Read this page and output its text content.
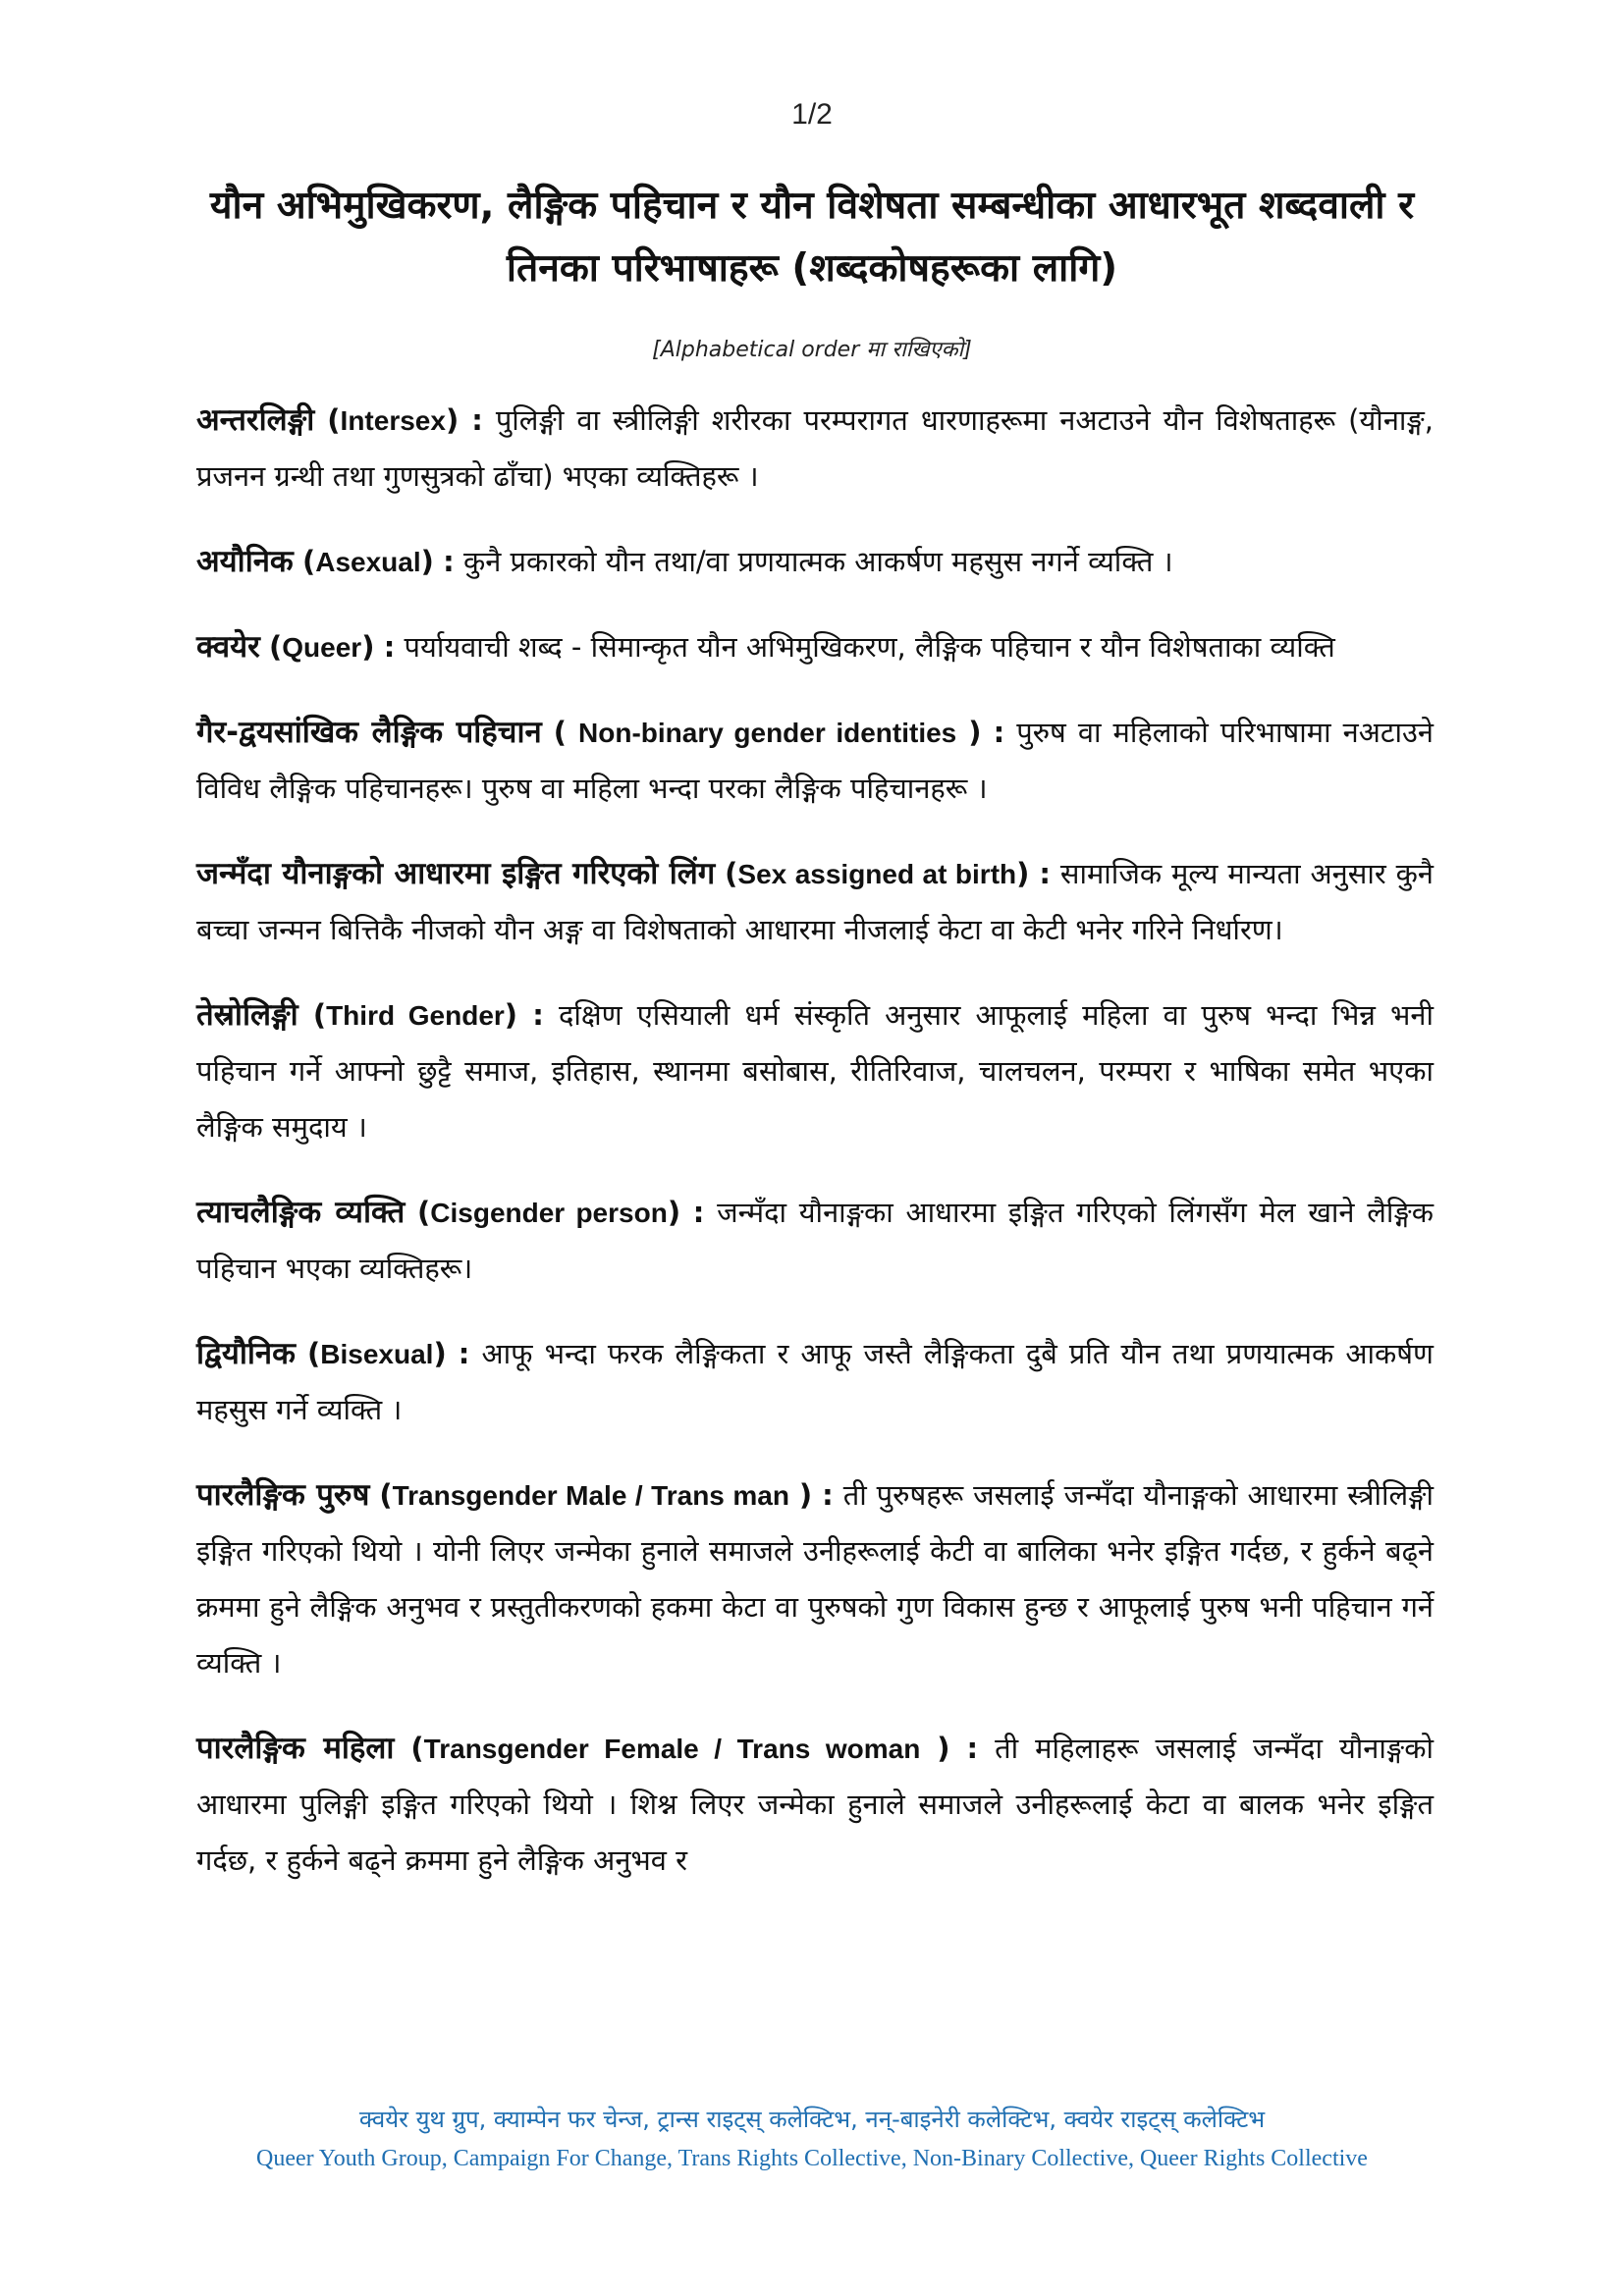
1/2
यौन अभिमुखिकरण, लैङ्गिक पहिचान र यौन विशेषता सम्बन्धीका आधारभूत शब्दवाली र तिनका परिभाषाहरू (शब्दकोषहरूका लागि)
[Alphabetical order मा राखिएको]

अन्तरलिङ्गी (Intersex) : पुलिङ्गी वा स्त्रीलिङ्गी शरीरका परम्परागत धारणाहरूमा नअटाउने यौन विशेषताहरू (यौनाङ्ग, प्रजनन ग्रन्थी तथा गुणसुत्रको ढाँचा) भएका व्यक्तिहरू ।

अयौनिक (Asexual) : कुनै प्रकारको यौन तथा/वा प्रणयात्मक आकर्षण महसुस नगर्ने व्यक्ति ।

क्वयेर (Queer) : पर्यायवाची शब्द - सिमान्कृत यौन अभिमुखिकरण, लैङ्गिक पहिचान र यौन विशेषताका व्यक्ति

गैर-द्वयसांखिक लैङ्गिक पहिचान ( Non-binary gender identities ) : पुरुष वा महिलाको परिभाषामा नअटाउने विविध लैङ्गिक पहिचानहरू। पुरुष वा महिला भन्दा परका लैङ्गिक पहिचानहरू ।

जन्मँदा यौनाङ्गको आधारमा इङ्गित गरिएको लिंग (Sex assigned at birth) : सामाजिक मूल्य मान्यता अनुसार कुनै बच्चा जन्मन बित्तिकै नीजको यौन अङ्ग वा विशेषताको आधारमा नीजलाई केटा वा केटी भनेर गरिने निर्धारण।

तेस्रोलिङ्गी (Third Gender) : दक्षिण एसियाली धर्म संस्कृति अनुसार आफूलाई महिला वा पुरुष भन्दा भिन्न भनी पहिचान गर्ने आफ्नो छुट्टै समाज, इतिहास, स्थानमा बसोबास, रीतिरिवाज, चालचलन, परम्परा र भाषिका समेत भएका लैङ्गिक समुदाय ।

त्याचलैङ्गिक व्यक्ति (Cisgender person) : जन्मँदा यौनाङ्गका आधारमा इङ्गित गरिएको लिंगसँग मेल खाने लैङ्गिक पहिचान भएका व्यक्तिहरू।

द्वियौनिक (Bisexual) : आफू भन्दा फरक लैङ्गिकता र आफू जस्तै लैङ्गिकता दुबै प्रति यौन तथा प्रणयात्मक आकर्षण महसुस गर्ने व्यक्ति ।

पारलैङ्गिक पुरुष (Transgender Male / Trans man ) : ती पुरुषहरू जसलाई जन्मँदा यौनाङ्गको आधारमा स्त्रीलिङ्गी इङ्गित गरिएको थियो । योनी लिएर जन्मेका हुनाले समाजले उनीहरूलाई केटी वा बालिका भनेर इङ्गित गर्दछ, र हुर्कने बढ्ने क्रममा हुने लैङ्गिक अनुभव र प्रस्तुतीकरणको हकमा केटा वा पुरुषको गुण विकास हुन्छ र आफूलाई पुरुष भनी पहिचान गर्ने व्यक्ति ।

पारलैङ्गिक महिला (Transgender Female / Trans woman ) : ती महिलाहरू जसलाई जन्मँदा यौनाङ्गको आधारमा पुलिङ्गी इङ्गित गरिएको थियो । शिश्न लिएर जन्मेका हुनाले समाजले उनीहरूलाई केटा वा बालक भनेर इङ्गित गर्दछ, र हुर्कने बढ्ने क्रममा हुने लैङ्गिक अनुभव र

क्वयेर युथ ग्रुप, क्याम्पेन फर चेन्ज, ट्रान्स राइट्स् कलेक्टिभ, नन्-बाइनेरी कलेक्टिभ, क्वयेर राइट्स् कलेक्टिभ
Queer Youth Group, Campaign For Change, Trans Rights Collective, Non-Binary Collective, Queer Rights Collective
